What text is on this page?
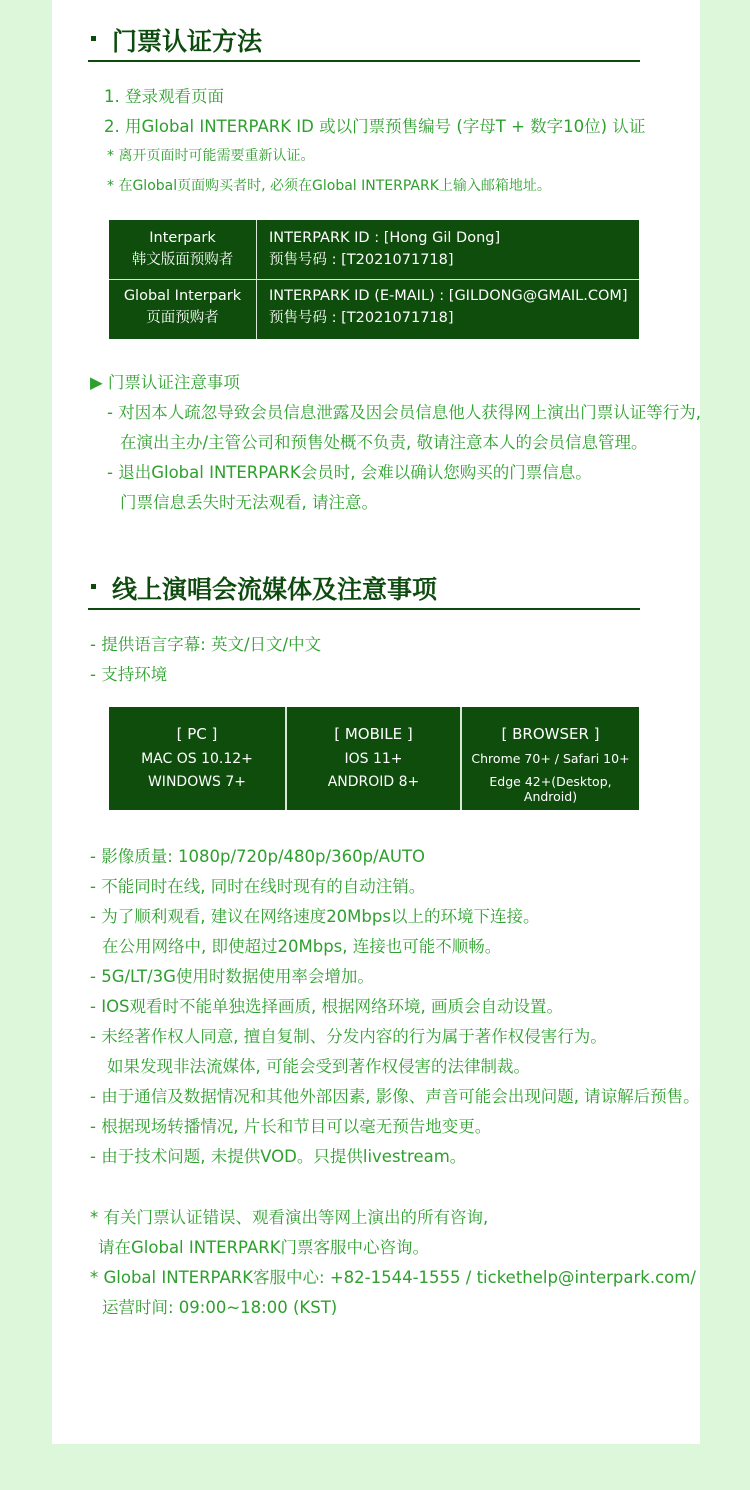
门票认证方法
1. 登录观看页面
2. 用Global INTERPARK ID 或以门票预售编号 (字母T + 数字10位) 认证
* 离开页面时可能需要重新认证。
* 在Global页面购买者时, 必须在Global INTERPARK上输入邮箱地址。
Interpark
韩文版面预购者
INTERPARK ID : [Hong Gil Dong]
预售号码 : [T2021071718]
Global Interpark
页面预购者
INTERPARK ID (E-MAIL) : [GILDONG@GMAIL.COM]
预售号码 : [T2021071718]
▶ 门票认证注意事项
- 对因本人疏忽导致会员信息泄露及因会员信息他人获得网上演出门票认证等行为,
在演出主办/主管公司和预售处概不负责, 敬请注意本人的会员信息管理。
- 退出Global INTERPARK会员时, 会难以确认您购买的门票信息。
门票信息丢失时无法观看, 请注意。
线上演唱会流媒体及注意事项
- 提供语言字幕: 英文/日文/中文
- 支持环境
[ PC ]
MAC OS 10.12+
WINDOWS 7+
[ MOBILE ]
IOS 11+
ANDROID 8+
[ BROWSER ]
Chrome 70+ / Safari 10+
Edge 42+(Desktop, Android)
- 影像质量: 1080p/720p/480p/360p/AUTO
- 不能同时在线, 同时在线时现有的自动注销。
- 为了顺利观看, 建议在网络速度20Mbps以上的环境下连接。
在公用网络中, 即使超过20Mbps, 连接也可能不顺畅。
- 5G/LT/3G使用时数据使用率会增加。
- IOS观看时不能单独选择画质, 根据网络环境, 画质会自动设置。
- 未经著作权人同意, 擅自复制、分发内容的行为属于著作权侵害行为。
如果发现非法流媒体, 可能会受到著作权侵害的法律制裁。
- 由于通信及数据情况和其他外部因素, 影像、声音可能会出现问题, 请谅解后预售。
- 根据现场转播情况, 片长和节目可以毫无预告地变更。
- 由于技术问题, 未提供VOD。只提供livestream。
* 有关门票认证错误、观看演出等网上演出的所有咨询,
请在Global INTERPARK门票客服中心咨询。
* Global INTERPARK客服中心: +82-1544-1555 / tickethelp@interpark.com/
运营时间: 09:00~18:00 (KST)
